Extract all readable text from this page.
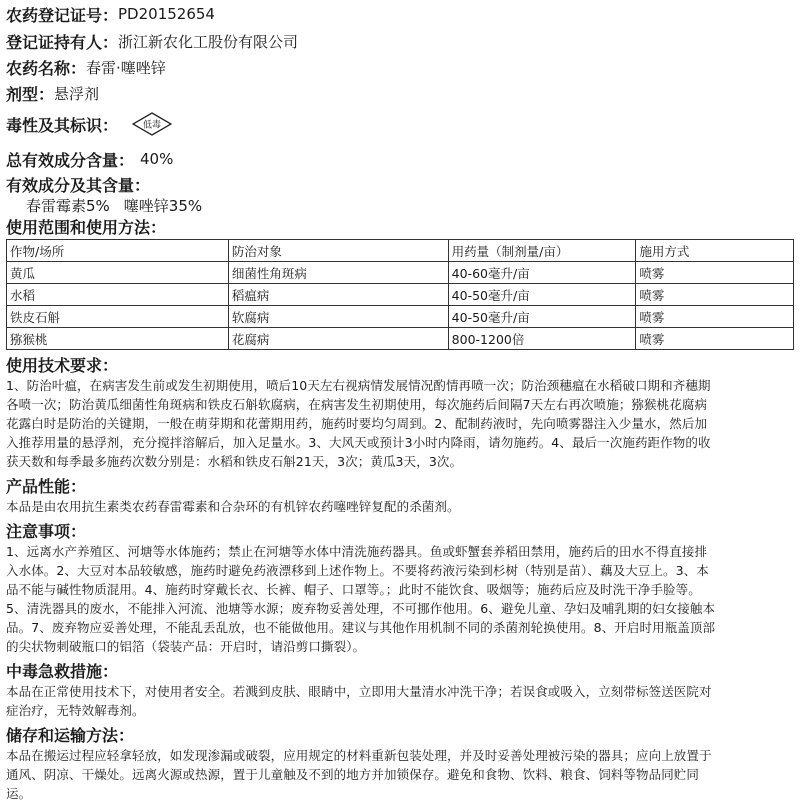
农药登记证号： PD20152654
登记证持有人： 浙江新农化工股份有限公司
农药名称： 春雷·噻唑锌
剂型： 悬浮剂
毒性及其标识：	低毒
总有效成分含量： 40%
有效成分及其含量：
春雷霉素5% 噻唑锌35%
使用范围和使用方法：
作物/场所	防治对象	用药量（制剂量/亩）	施用方式
黄瓜	细菌性角斑病	40-60毫升/亩	喷雾
水稻	稻瘟病	40-50毫升/亩	喷雾
铁皮石斛	软腐病	40-50毫升/亩	喷雾
猕猴桃	花腐病	800-1200倍	喷雾
使用技术要求：
1、防治叶瘟，在病害发生前或发生初期使用，喷后10天左右视病情发展情况酌情再喷一次；防治颈穗瘟在水稻破口期和齐穗期
各喷一次；防治黄瓜细菌性角斑病和铁皮石斛软腐病，在病害发生初期使用，每次施药后间隔7天左右再次喷施；猕猴桃花腐病
花露白时是防治的关键期，一般在萌芽期和花蕾期用药，施药时要均匀周到。2、配制药液时，先向喷雾器注入少量水，然后加
入推荐用量的悬浮剂，充分搅拌溶解后，加入足量水。3、大风天或预计3小时内降雨，请勿施药。4、最后一次施药距作物的收
获天数和每季最多施药次数分别是：水稻和铁皮石斛21天，3次；黄瓜3天，3次。
产品性能：
本品是由农用抗生素类农药春雷霉素和合杂环的有机锌农药噻唑锌复配的杀菌剂。
注意事项：
1、远离水产养殖区、河塘等水体施药；禁止在河塘等水体中清洗施药器具。鱼或虾蟹套养稻田禁用，施药后的田水不得直接排
入水体。2、大豆对本品较敏感，施药时避免药液漂移到上述作物上。不要将药液污染到杉树（特别是苗）、藕及大豆上。3、本
品不能与碱性物质混用。4、施药时穿戴长衣、长裤、帽子、口罩等。；此时不能饮食、吸烟等；施药后应及时洗干净手脸等。
5、清洗器具的废水，不能排入河流、池塘等水源；废弃物妥善处理，不可挪作他用。6、避免儿童、孕妇及哺乳期的妇女接触本
品。7、废弃物应妥善处理，不能乱丢乱放，也不能做他用。建议与其他作用机制不同的杀菌剂轮换使用。8、开启时用瓶盖顶部
的尖状物刺破瓶口的铝箔（袋装产品：开启时，请沿剪口撕裂）。
中毒急救措施：
本品在正常使用技术下，对使用者安全。若溅到皮肤、眼睛中，立即用大量清水冲洗干净；若误食或吸入，立刻带标签送医院对
症治疗，无特效解毒剂。
储存和运输方法：
本品在搬运过程应轻拿轻放，如发现渗漏或破裂，应用规定的材料重新包装处理，并及时妥善处理被污染的器具；应向上放置于
通风、阴凉、干燥处。远离火源或热源，置于儿童触及不到的地方并加锁保存。避免和食物、饮料、粮食、饲料等物品同贮同
运。
